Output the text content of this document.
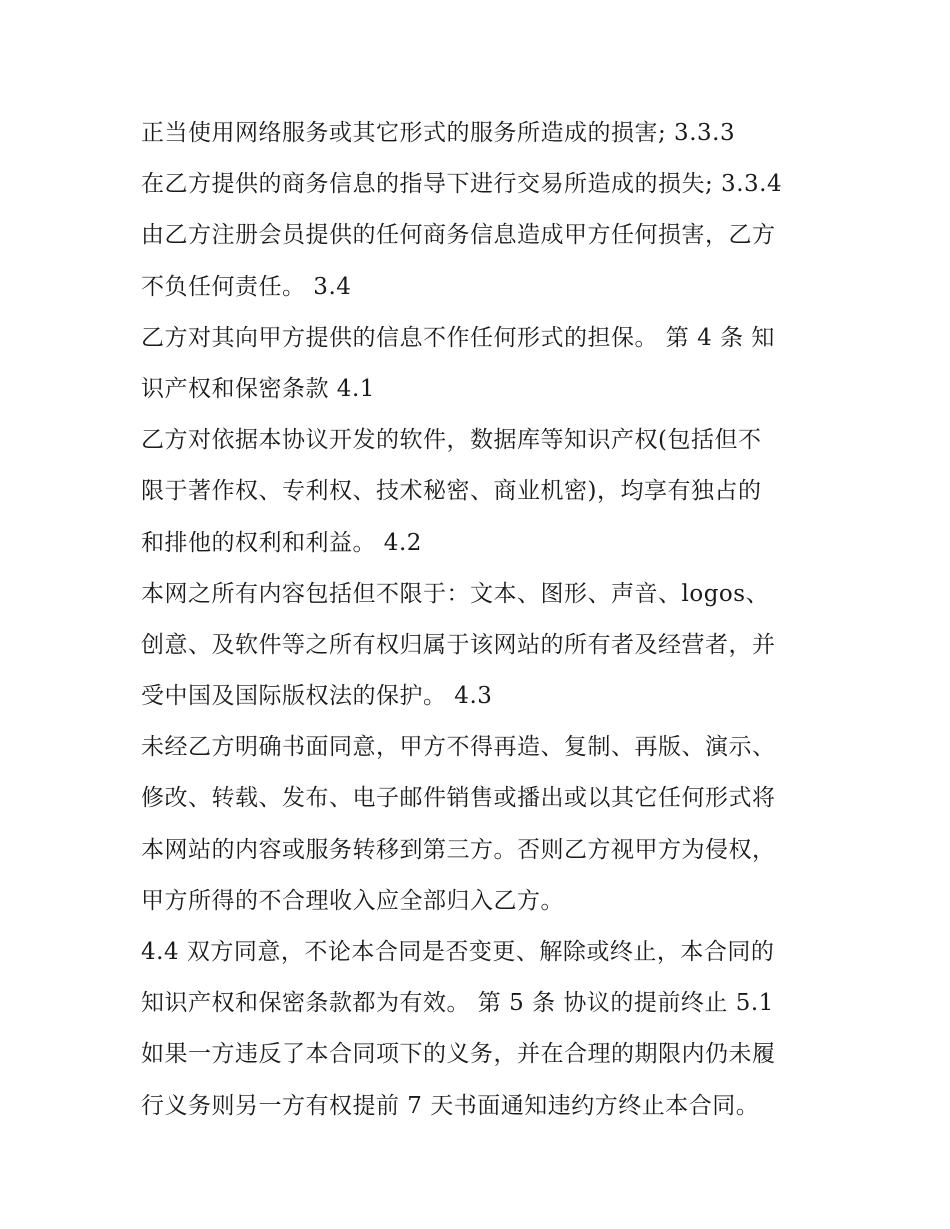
正当使用网络服务或其它形式的服务所造成的损害; 3.3.3
在乙方提供的商务信息的指导下进行交易所造成的损失; 3.3.4
由乙方注册会员提供的任何商务信息造成甲方任何损害，乙方
不负任何责任。 3.4
乙方对其向甲方提供的信息不作任何形式的担保。 第 4 条 知
识产权和保密条款 4.1
乙方对依据本协议开发的软件，数据库等知识产权(包括但不
限于著作权、专利权、技术秘密、商业机密)，均享有独占的
和排他的权利和利益。 4.2
本网之所有内容包括但不限于：文本、图形、声音、logos、
创意、及软件等之所有权归属于该网站的所有者及经营者，并
受中国及国际版权法的保护。 4.3
未经乙方明确书面同意，甲方不得再造、复制、再版、演示、
修改、转载、发布、电子邮件销售或播出或以其它任何形式将
本网站的内容或服务转移到第三方。否则乙方视甲方为侵权，
甲方所得的不合理收入应全部归入乙方。
4.4 双方同意，不论本合同是否变更、解除或终止，本合同的
知识产权和保密条款都为有效。 第 5 条 协议的提前终止 5.1
如果一方违反了本合同项下的义务，并在合理的期限内仍未履
行义务则另一方有权提前 7 天书面通知违约方终止本合同。
